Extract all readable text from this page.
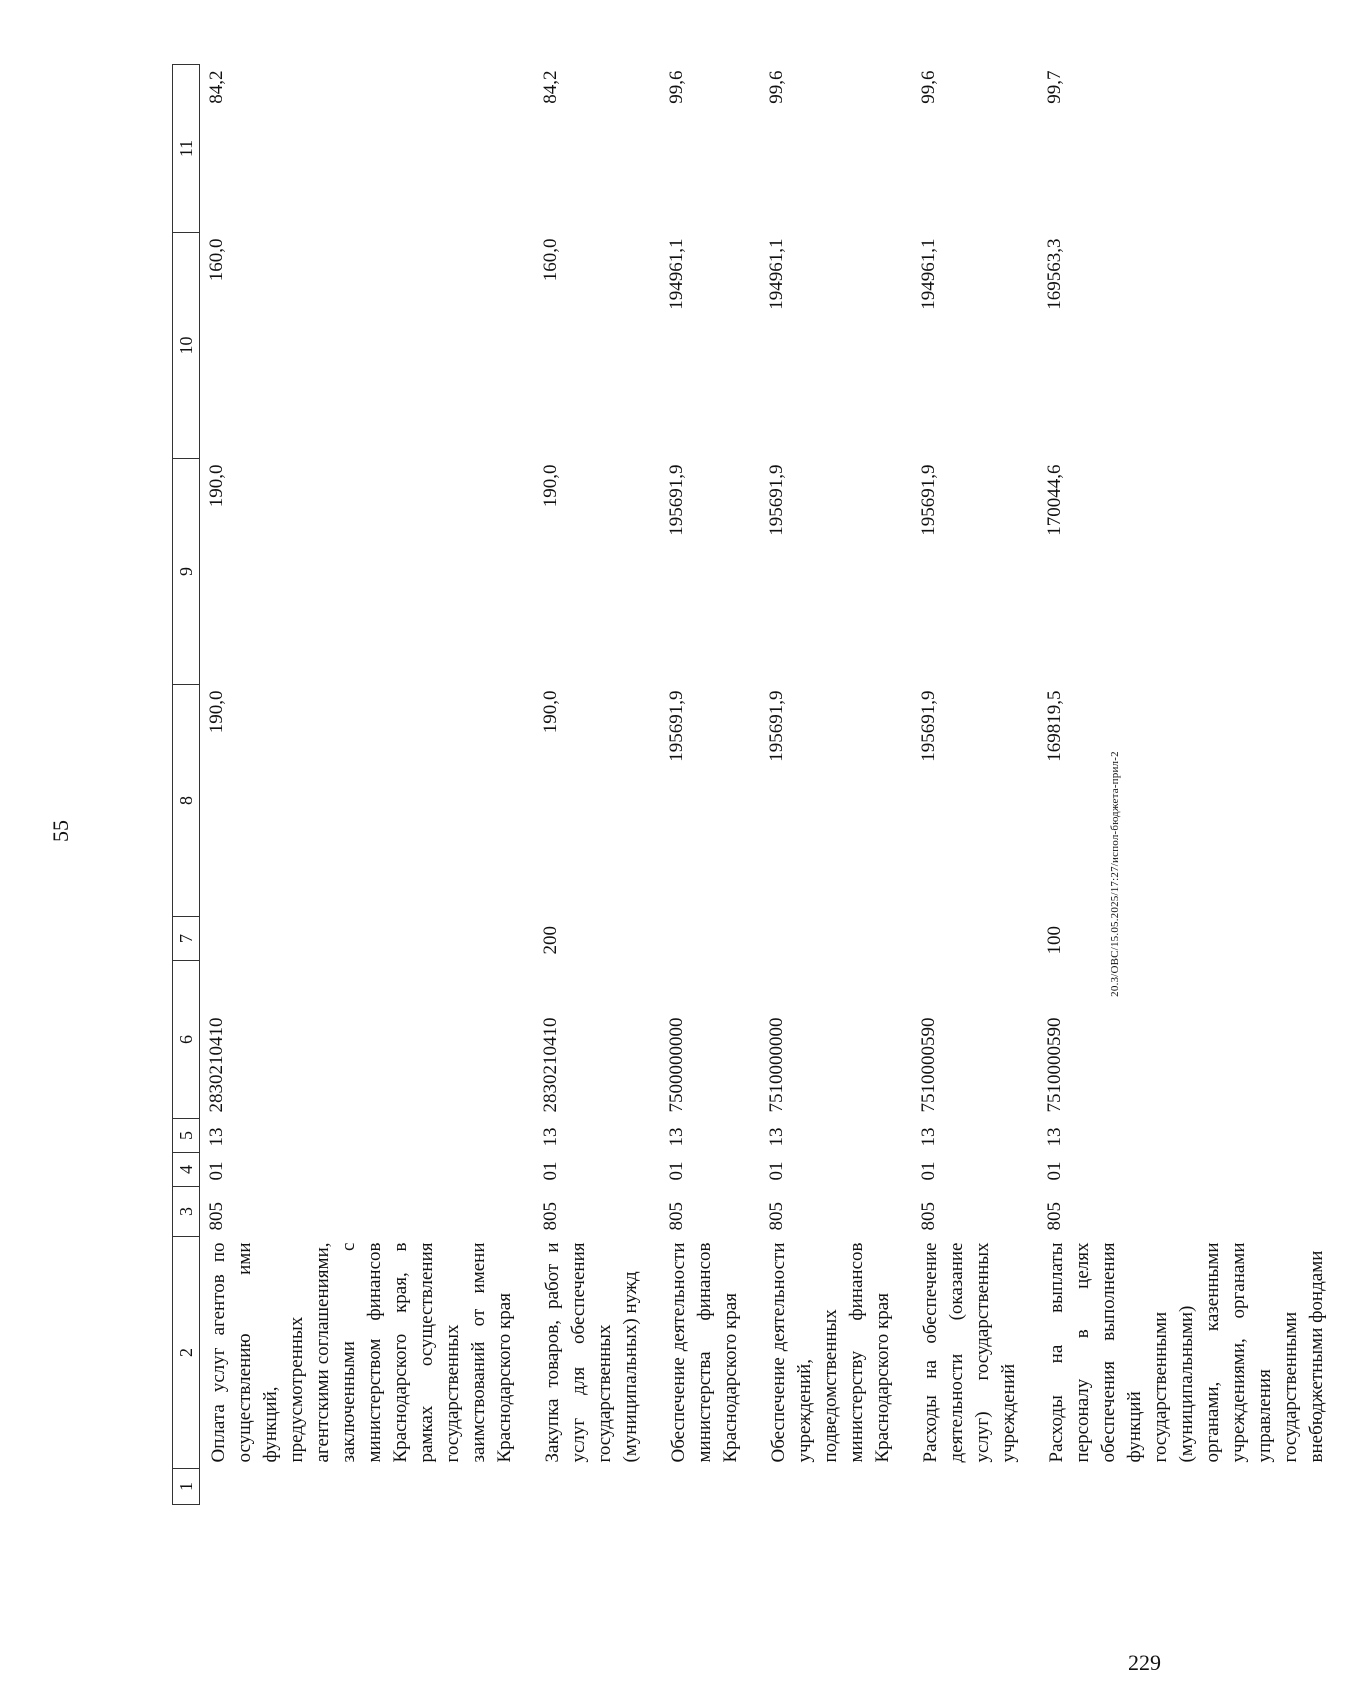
55
1	2	3	4	5	6	7	8	9	10	11
	Оплата услуг агентов по осуществлению ими функций, предусмотренных агентскими соглашениями, заключенными с министерством финансов Краснодарского края, в рамках осуществления государственных заимствований от имени Краснодарского края	805	01	13	2830210410		190,0	190,0	160,0	84,2
	Закупка товаров, работ и услуг для обеспечения государственных (муниципальных) нужд	805	01	13	2830210410	200	190,0	190,0	160,0	84,2
	Обеспечение деятельности министерства финансов Краснодарского края	805	01	13	7500000000		195691,9	195691,9	194961,1	99,6
	Обеспечение деятельности учреждений, подведомственных министерству финансов Краснодарского края	805	01	13	7510000000		195691,9	195691,9	194961,1	99,6
	Расходы на обеспечение деятельности (оказание услуг) государственных учреждений	805	01	13	7510000590		195691,9	195691,9	194961,1	99,6
	Расходы на выплаты персоналу в целях обеспечения выполнения функций государственными (муниципальными) органами, казенными учреждениями, органами управления государственными внебюджетными фондами	805	01	13	7510000590	100	169819,5	170044,6	169563,3	99,7
20.3/OBC/15.05.2025/17:27/испол-бюджета-прил-2
229
